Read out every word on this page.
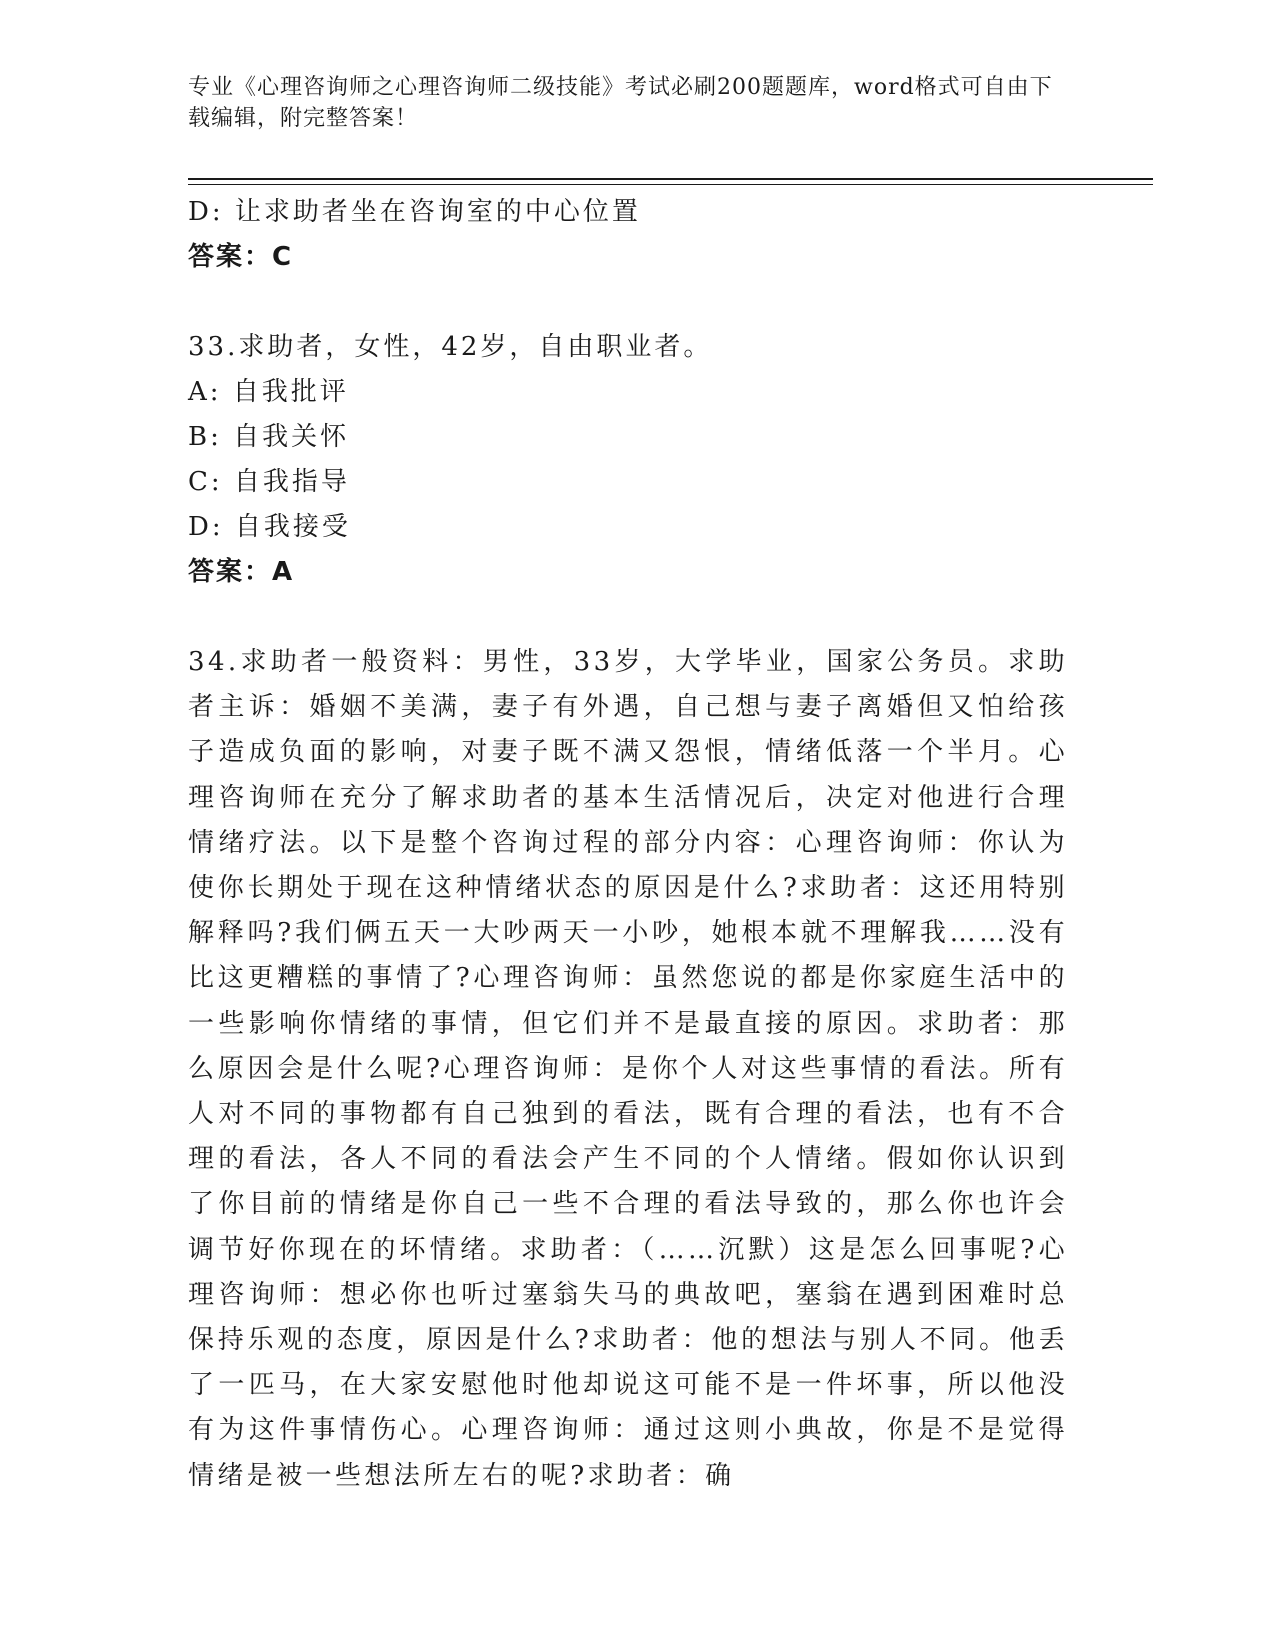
专业《心理咨询师之心理咨询师二级技能》考试必刷200题题库，word格式可自由下载编辑，附完整答案！
D: 让求助者坐在咨询室的中心位置
答案：C
33.求助者，女性，42岁，自由职业者。
A: 自我批评
B: 自我关怀
C: 自我指导
D: 自我接受
答案：A
34.求助者一般资料：男性，33岁，大学毕业，国家公务员。求助者主诉：婚姻不美满，妻子有外遇，自己想与妻子离婚但又怕给孩子造成负面的影响，对妻子既不满又怨恨，情绪低落一个半月。心理咨询师在充分了解求助者的基本生活情况后，决定对他进行合理情绪疗法。以下是整个咨询过程的部分内容：心理咨询师：你认为使你长期处于现在这种情绪状态的原因是什么?求助者：这还用特别解释吗?我们俩五天一大吵两天一小吵，她根本就不理解我……没有比这更糟糕的事情了?心理咨询师：虽然您说的都是你家庭生活中的一些影响你情绪的事情，但它们并不是最直接的原因。求助者：那么原因会是什么呢?心理咨询师：是你个人对这些事情的看法。所有人对不同的事物都有自己独到的看法，既有合理的看法，也有不合理的看法，各人不同的看法会产生不同的个人情绪。假如你认识到了你目前的情绪是你自己一些不合理的看法导致的，那么你也许会调节好你现在的坏情绪。求助者：（……沉默）这是怎么回事呢?心理咨询师：想必你也听过塞翁失马的典故吧，塞翁在遇到困难时总保持乐观的态度，原因是什么?求助者：他的想法与别人不同。他丢了一匹马，在大家安慰他时他却说这可能不是一件坏事，所以他没有为这件事情伤心。心理咨询师：通过这则小典故，你是不是觉得情绪是被一些想法所左右的呢?求助者：确
